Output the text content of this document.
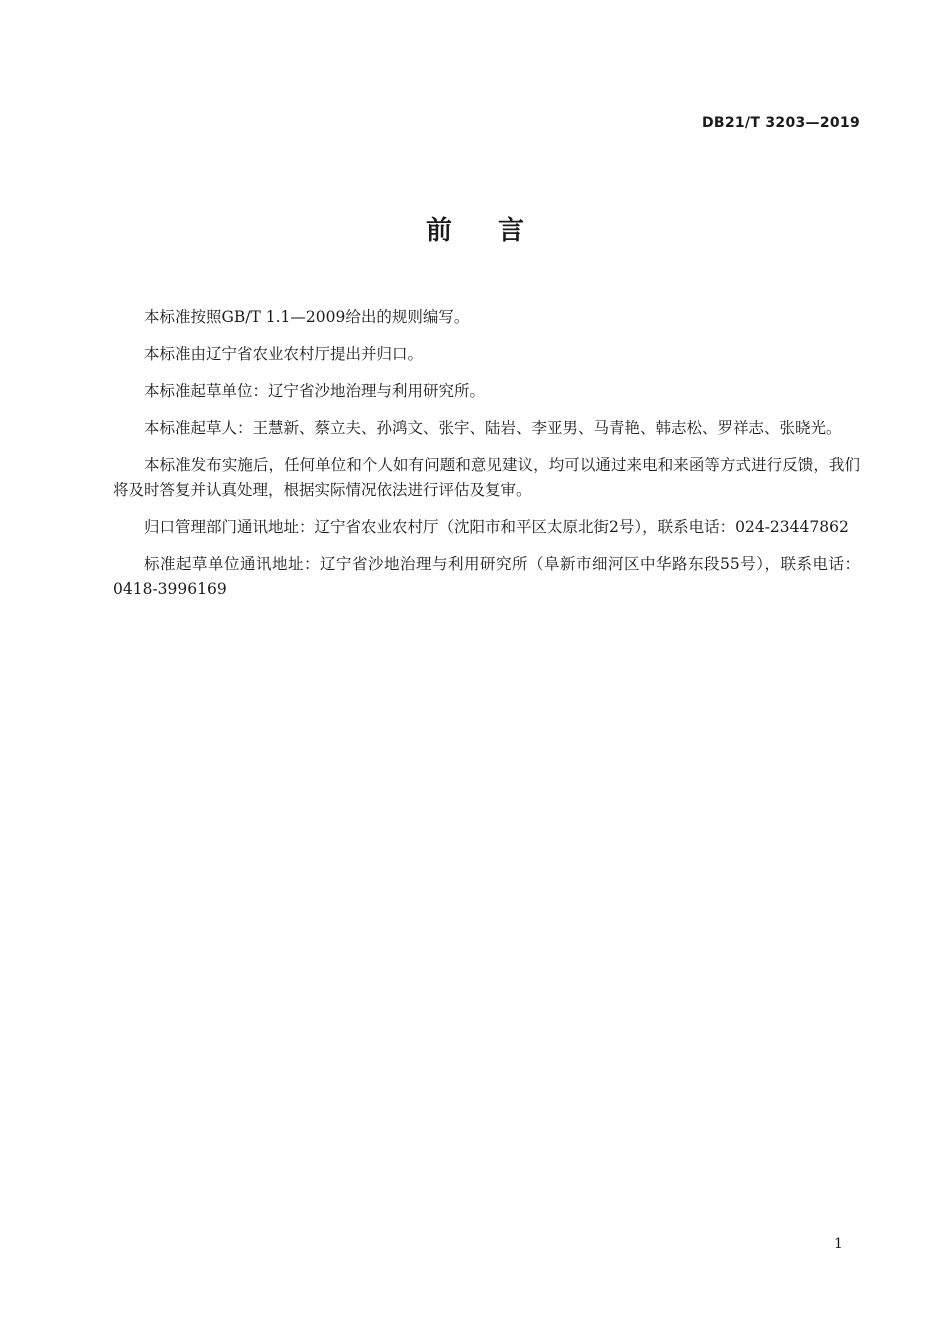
DB21/T 3203—2019
前言

本标准按照GB/T 1.1—2009给出的规则编写。

本标准由辽宁省农业农村厅提出并归口。

本标准起草单位：辽宁省沙地治理与利用研究所。

本标准起草人：王慧新、蔡立夫、孙鸿文、张宇、陆岩、李亚男、马青艳、韩志松、罗祥志、张晓光。

本标准发布实施后，任何单位和个人如有问题和意见建议，均可以通过来电和来函等方式进行反馈，我们将及时答复并认真处理，根据实际情况依法进行评估及复审。

归口管理部门通讯地址：辽宁省农业农村厅（沈阳市和平区太原北街2号），联系电话：024-23447862

标准起草单位通讯地址：辽宁省沙地治理与利用研究所（阜新市细河区中华路东段55号），联系电话：0418-3996169

1
